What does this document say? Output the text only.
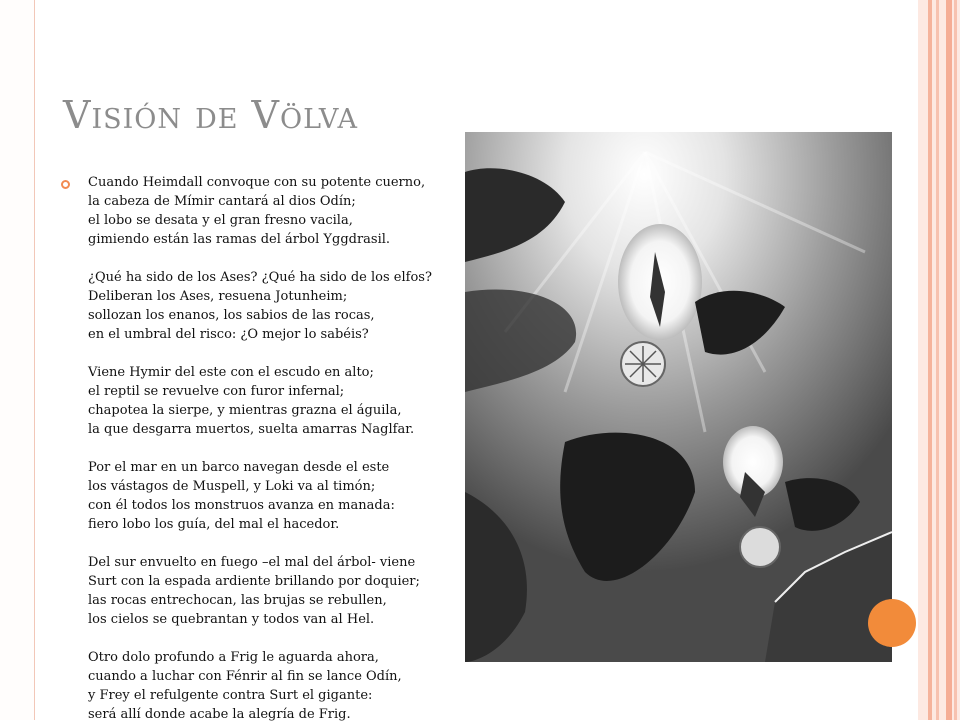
Visión de Völva
Cuando Heimdall convoque con su potente cuerno,
la cabeza de Mímir cantará al dios Odín;
el lobo se desata y el gran fresno vacila,
gimiendo están las ramas del árbol Yggdrasil.
¿Qué ha sido de los Ases? ¿Qué ha sido de los elfos?
Deliberan los Ases, resuena Jotunheim;
sollozan los enanos, los sabios de las rocas,
en el umbral del risco: ¿O mejor lo sabéis?
Viene Hymir del este con el escudo en alto;
el reptil se revuelve con furor infernal;
chapotea la sierpe, y mientras grazna el águila,
la que desgarra muertos, suelta amarras Naglfar.
Por el mar en un barco navegan desde el este
los vástagos de Muspell, y Loki va al timón;
con él todos los monstruos avanza en manada:
fiero lobo los guía, del mal el hacedor.
Del sur envuelto en fuego –el mal del árbol- viene
Surt con la espada ardiente brillando por doquier;
las rocas entrechocan, las brujas se rebullen,
los cielos se quebrantan y todos van al Hel.
Otro dolo profundo a Frig le aguarda ahora,
cuando a luchar con Fénrir al fin se lance Odín,
y Frey el refulgente contra Surt el gigante:
será allí donde acabe la alegría de Frig.
